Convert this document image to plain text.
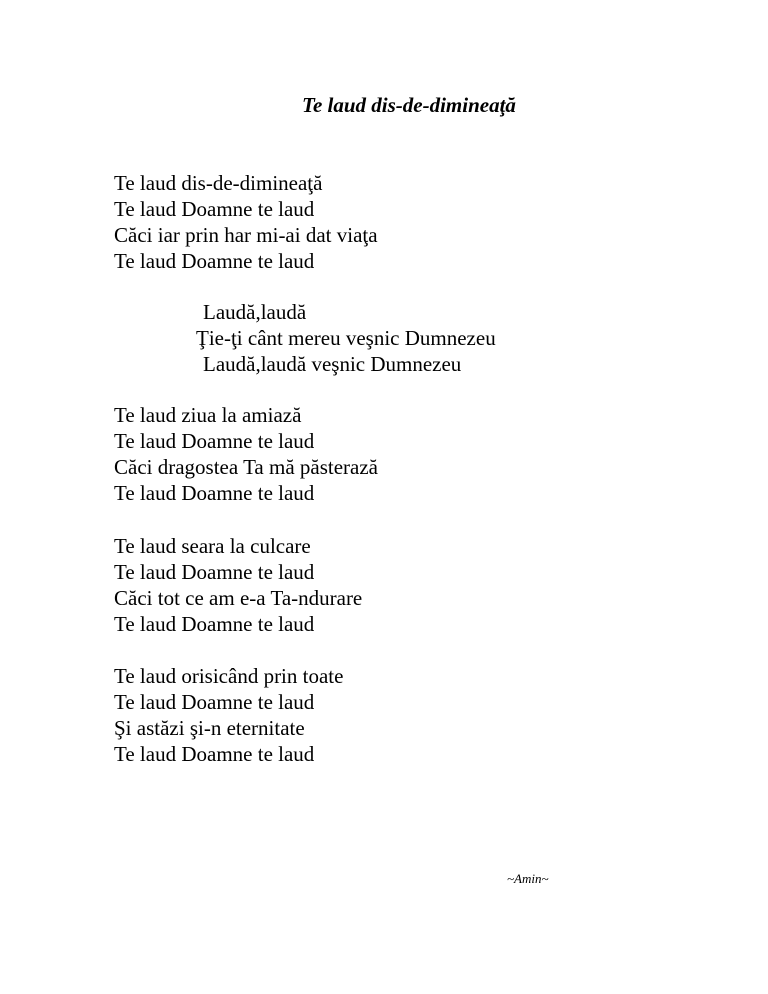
Te laud dis-de-dimineaţă
Te laud dis-de-dimineaţă
Te laud Doamne te laud
Căci iar prin har mi-ai dat viaţa
Te laud Doamne te laud
Laudă,laudă
Ţie-ţi cânt mereu veşnic Dumnezeu
Laudă,laudă veşnic Dumnezeu
Te laud ziua la amiază
Te laud Doamne te laud
Căci dragostea Ta mă păsterază
Te laud Doamne te laud
Te laud seara la culcare
Te laud Doamne te laud
Căci tot ce am e-a Ta-ndurare
Te laud Doamne te laud
Te laud orisicând prin toate
Te laud Doamne te laud
Şi astăzi şi-n eternitate
Te laud Doamne te laud
~Amin~
